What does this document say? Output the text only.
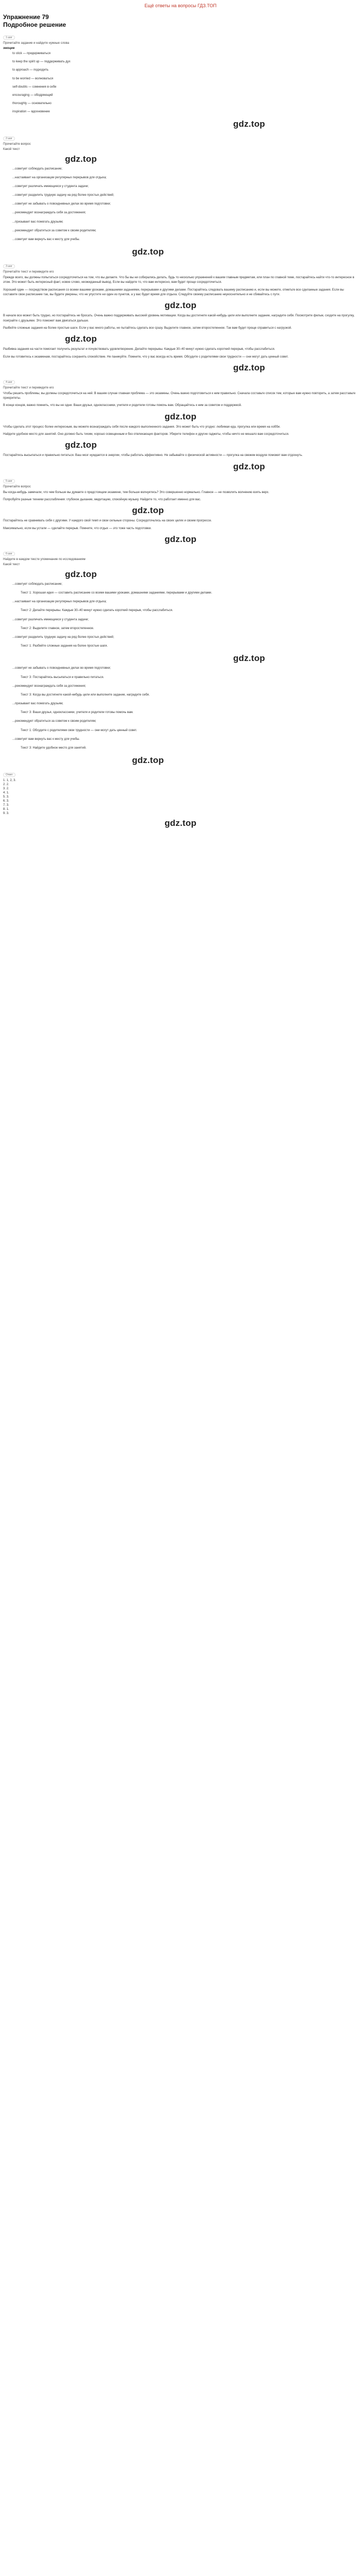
Ещё ответы на вопросы ГДЗ.ТОП
Упражнение 79
Подробное решение
1 шаг
Прочитайте задание и найдите нужные слова
эмоции
to stick — придерживаться
to keep the spirit up — поддерживать дух
to approach — подходить
to be worried — волноваться
self-doubts — сомнения в себе
encouraging — ободряющий
thoroughly — основательно
inspiration — вдохновение
gdz.top
2 шаг
Прочитайте вопрос
Какой текст
gdz.top
...советует соблюдать расписание;
...настаивает на организации регулярных перерывов для отдыха;
...советует различать имеющиеся у студента задачи;
...советует разделить трудную задачу на ряд более простых действий;
...советует не забывать о повседневных делах во время подготовки;
...рекомендует вознаграждать себя за достижения;
...призывает вас помогать друзьям;
...рекомендует обратиться за советом к своим родителям;
...советует вам вернуть вас к месту для учебы.
gdz.top
3 шаг
Прочитайте текст и переведите его

Прежде всего, вы должны попытаться сосредоточиться на том, что вы делаете. Что бы вы ни собирались делать, будь то несколько упражнений к вашим главным предметам, или план по главной теме, постарайтесь найти что-то интересное в этом. Это может быть интересный факт, новое слово, неожиданный вывод. Если вы найдете то, что вам интересно, вам будет проще сосредоточиться.

Хороший один — посредством расписания со всеми вашими уроками, домашними заданиями, перерывами и другими делами. Постарайтесь следовать вашему расписанию и, если вы можете, отметьте все сделанные задания. Если вы составите свое расписание так, вы будете уверены, что не упустите ни один из пунктов, а у вас будет время для отдыха. Следуйте своему расписанию неукоснительно и не сбивайтесь с пути.

gdz.top

В начале все может быть трудно, но постарайтесь не бросать. Очень важно поддерживать высокий уровень мотивации. Когда вы достигнете какой-нибудь цели или выполните задание, наградите себя. Посмотрите фильм, сходите на прогулку, поиграйте с друзьями. Это поможет вам двигаться дальше.

Разбейте сложные задания на более простые шаги. Если у вас много работы, не пытайтесь сделать все сразу. Выделите главное, затем второстепенное. Так вам будет проще справиться с нагрузкой.

gdz.top

Разбивка задания на части помогает получить результат и почувствовать удовлетворение. Делайте перерывы. Каждые 30–40 минут нужно сделать короткий перерыв, чтобы расслабиться.

Если вы готовитесь к экзаменам, постарайтесь сохранять спокойствие. Не паникуйте. Помните, что у вас всегда есть время. Обсудите с родителями свои трудности — они могут дать ценный совет.

gdz.top
4 шаг
Прочитайте текст и переведите его

Чтобы решить проблемы, вы должны сосредоточиться на ней. В вашем случае главная проблема — это экзамены. Очень важно подготовиться к ним правильно. Сначала составьте список тем, которые вам нужно повторить, а затем расставьте приоритеты.

В конце концов, важно помнить, что вы не одни. Ваши друзья, одноклассники, учителя и родители готовы помочь вам. Обращайтесь к ним за советом и поддержкой.

gdz.top

Чтобы сделать этот процесс более интересным, вы можете вознаграждать себя после каждого выполненного задания. Это может быть что угодно: любимая еда, прогулка или время на хобби.

Найдите удобное место для занятий. Оно должно быть тихим, хорошо освещенным и без отвлекающих факторов. Уберите телефон и другие гаджеты, чтобы ничто не мешало вам сосредоточиться.

gdz.top

Постарайтесь высыпаться и правильно питаться. Ваш мозг нуждается в энергии, чтобы работать эффективно. Не забывайте о физической активности — прогулка на свежем воздухе поможет вам отдохнуть.

gdz.top
5 шаг
Прочитайте вопрос

Вы когда-нибудь замечали, что чем больше вы думаете о предстоящем экзамене, тем больше волнуетесь? Это совершенно нормально. Главное — не позволить волнению взять верх.

Попробуйте разные техники расслабления: глубокое дыхание, медитацию, спокойную музыку. Найдите то, что работает именно для вас.

gdz.top

Постарайтесь не сравнивать себя с другими. У каждого свой темп и свои сильные стороны. Сосредоточьтесь на своих целях и своем прогрессе.

Максимально, если вы устали — сделайте перерыв. Помните, что отдых — это тоже часть подготовки.

gdz.top
6 шаг
Найдите в каждом тексте упоминание по исследованиям
Какой текст
gdz.top
...советует соблюдать расписание;
Текст 1: Хорошая идея — составить расписание со всеми вашими уроками, домашними заданиями, перерывами и другими делами.
...настаивает на организации регулярных перерывов для отдыха;
Текст 2: Делайте перерывы. Каждые 30–40 минут нужно сделать короткий перерыв, чтобы расслабиться.
...советует различать имеющиеся у студента задачи;
Текст 2: Выделите главное, затем второстепенное.
...советует разделить трудную задачу на ряд более простых действий;
Текст 1: Разбейте сложные задания на более простые шаги.
gdz.top
...советует не забывать о повседневных делах во время подготовки;
Текст 3: Постарайтесь высыпаться и правильно питаться.
...рекомендует вознаграждать себя за достижения;
Текст 3: Когда вы достигнете какой-нибудь цели или выполните задание, наградите себя.
...призывает вас помогать друзьям;
Текст 3: Ваши друзья, одноклассники, учителя и родители готовы помочь вам.
...рекомендует обратиться за советом к своим родителям;
Текст 1: Обсудите с родителями свои трудности — они могут дать ценный совет.
...советует вам вернуть вас к месту для учебы.
Текст 3: Найдите удобное место для занятий.
gdz.top
Ответ
1. 1, 2, 3.
2. 2.
3. 2.
4. 1.
5. 3.
6. 3.
7. 3.
8. 1.
9. 3.
gdz.top
